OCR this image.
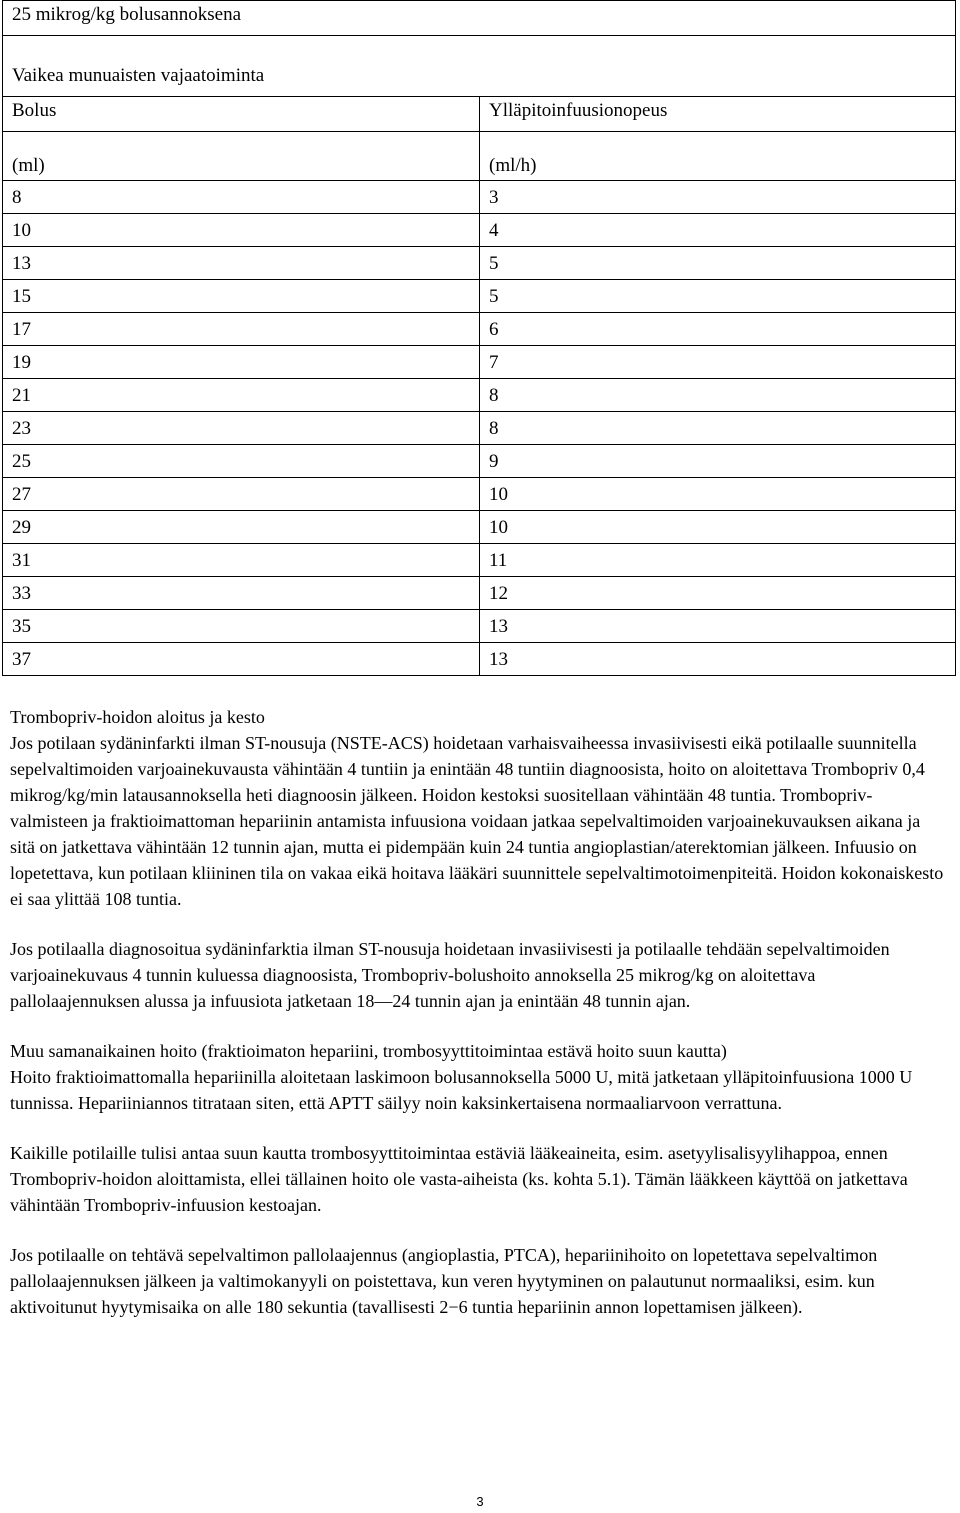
25 mikrog/kg bolusannoksena	
Vaikea munuaisten vajaatoiminta	
Bolus	Ylläpitoinfuusionopeus
(ml)	(ml/h)
8	3
10	4
13	5
15	5
17	6
19	7
21	8
23	8
25	9
27	10
29	10
31	11
33	12
35	13
37	13

Trombopriv-hoidon aloitus ja kesto

Jos potilaan sydäninfarkti ilman ST-nousuja (NSTE-ACS) hoidetaan varhaisvaiheessa invasiivisesti eikä potilaalle suunnitella sepelvaltimoiden varjoainekuvausta vähintään 4 tuntiin ja enintään 48 tuntiin diagnoosista, hoito on aloitettava Trombopriv 0,4 mikrog/kg/min latausannoksella heti diagnoosin jälkeen. Hoidon kestoksi suositellaan vähintään 48 tuntia. Trombopriv-valmisteen ja fraktioimattoman hepariinin antamista infuusiona voidaan jatkaa sepelvaltimoiden varjoainekuvauksen aikana ja sitä on jatkettava vähintään 12 tunnin ajan, mutta ei pidempään kuin 24 tuntia angioplastian/aterektomian jälkeen. Infuusio on lopetettava, kun potilaan kliininen tila on vakaa eikä hoitava lääkäri suunnittele sepelvaltimotoimenpiteitä. Hoidon kokonaiskesto ei saa ylittää 108 tuntia.

Jos potilaalla diagnosoitua sydäninfarktia ilman ST-nousuja hoidetaan invasiivisesti ja potilaalle tehdään sepelvaltimoiden varjoainekuvaus 4 tunnin kuluessa diagnoosista, Trombopriv-bolushoito annoksella 25 mikrog/kg on aloitettava pallolaajennuksen alussa ja infuusiota jatketaan 18—24 tunnin ajan ja enintään 48 tunnin ajan.

Muu samanaikainen hoito (fraktioimaton hepariini, trombosyyttitoimintaa estävä hoito suun kautta)

Hoito fraktioimattomalla hepariinilla aloitetaan laskimoon bolusannoksella 5000 U, mitä jatketaan ylläpitoinfuusiona 1000 U tunnissa. Hepariiniannos titrataan siten, että APTT säilyy noin kaksinkertaisena normaaliarvoon verrattuna.

Kaikille potilaille tulisi antaa suun kautta trombosyyttitoimintaa estäviä lääkeaineita, esim. asetyylisalisyylihappoa, ennen Trombopriv-hoidon aloittamista, ellei tällainen hoito ole vasta-aiheista (ks. kohta 5.1). Tämän lääkkeen käyttöä on jatkettava vähintään Trombopriv-infuusion kestoajan.

Jos potilaalle on tehtävä sepelvaltimon pallolaajennus (angioplastia, PTCA), hepariinihoito on lopetettava sepelvaltimon pallolaajennuksen jälkeen ja valtimokanyyli on poistettava, kun veren hyytyminen on palautunut normaaliksi, esim. kun aktivoitunut hyytymisaika on alle 180 sekuntia (tavallisesti 2−6 tuntia hepariinin annon lopettamisen jälkeen).

3
